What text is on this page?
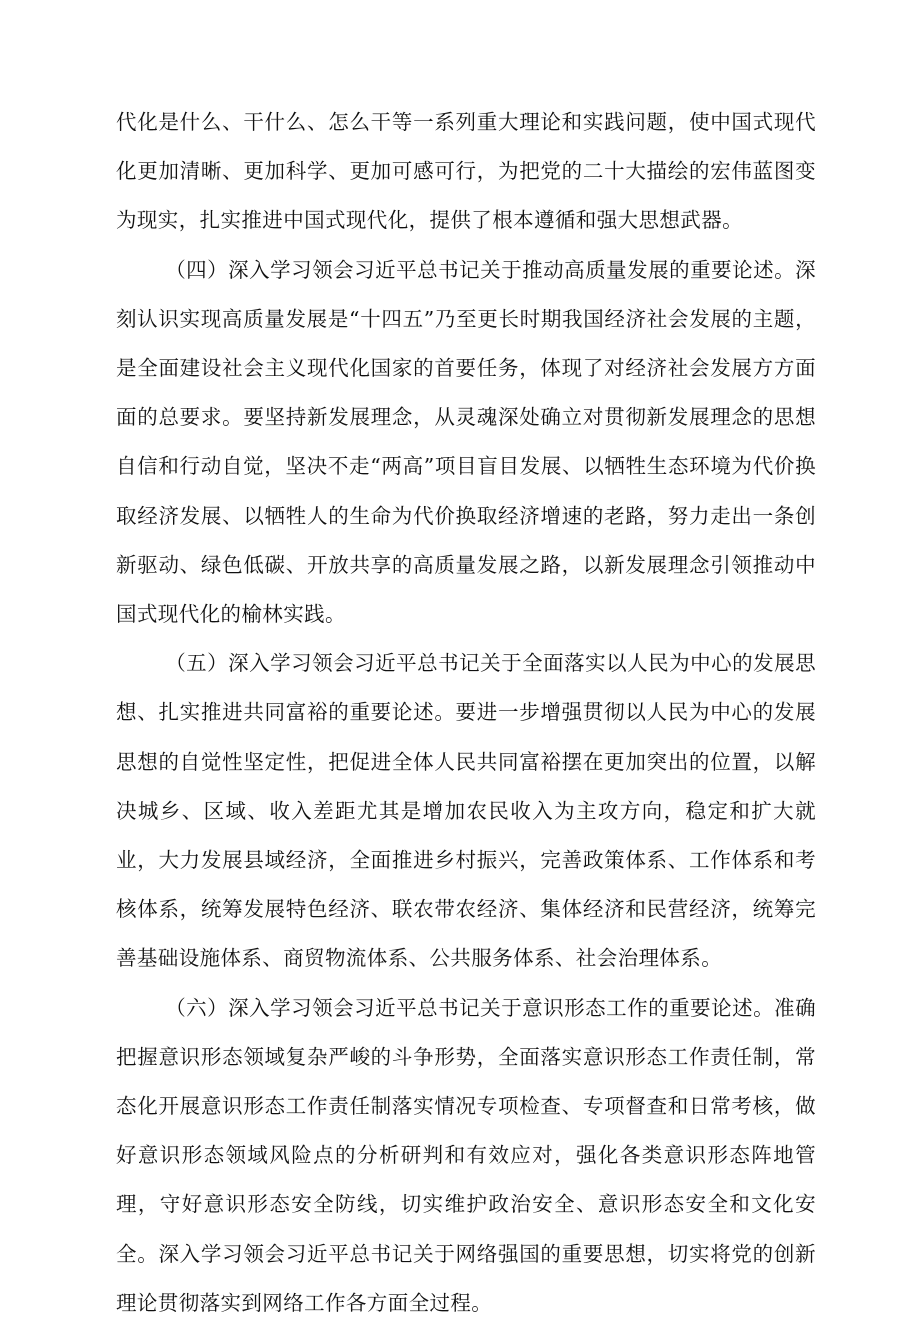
代化是什么、干什么、怎么干等一系列重大理论和实践问题，使中国式现代化更加清晰、更加科学、更加可感可行，为把党的二十大描绘的宏伟蓝图变为现实，扎实推进中国式现代化，提供了根本遵循和强大思想武器。

（四）深入学习领会习近平总书记关于推动高质量发展的重要论述。深刻认识实现高质量发展是“十四五”乃至更长时期我国经济社会发展的主题，是全面建设社会主义现代化国家的首要任务，体现了对经济社会发展方方面面的总要求。要坚持新发展理念，从灵魂深处确立对贯彻新发展理念的思想自信和行动自觉，坚决不走“两高”项目盲目发展、以牺牲生态环境为代价换取经济发展、以牺牲人的生命为代价换取经济增速的老路，努力走出一条创新驱动、绿色低碳、开放共享的高质量发展之路，以新发展理念引领推动中国式现代化的榆林实践。

（五）深入学习领会习近平总书记关于全面落实以人民为中心的发展思想、扎实推进共同富裕的重要论述。要进一步增强贯彻以人民为中心的发展思想的自觉性坚定性，把促进全体人民共同富裕摆在更加突出的位置，以解决城乡、区域、收入差距尤其是增加农民收入为主攻方向，稳定和扩大就业，大力发展县域经济，全面推进乡村振兴，完善政策体系、工作体系和考核体系，统筹发展特色经济、联农带农经济、集体经济和民营经济，统筹完善基础设施体系、商贸物流体系、公共服务体系、社会治理体系。

（六）深入学习领会习近平总书记关于意识形态工作的重要论述。准确把握意识形态领域复杂严峻的斗争形势，全面落实意识形态工作责任制，常态化开展意识形态工作责任制落实情况专项检查、专项督查和日常考核，做好意识形态领域风险点的分析研判和有效应对，强化各类意识形态阵地管理，守好意识形态安全防线，切实维护政治安全、意识形态安全和文化安全。深入学习领会习近平总书记关于网络强国的重要思想，切实将党的创新理论贯彻落实到网络工作各方面全过程。
